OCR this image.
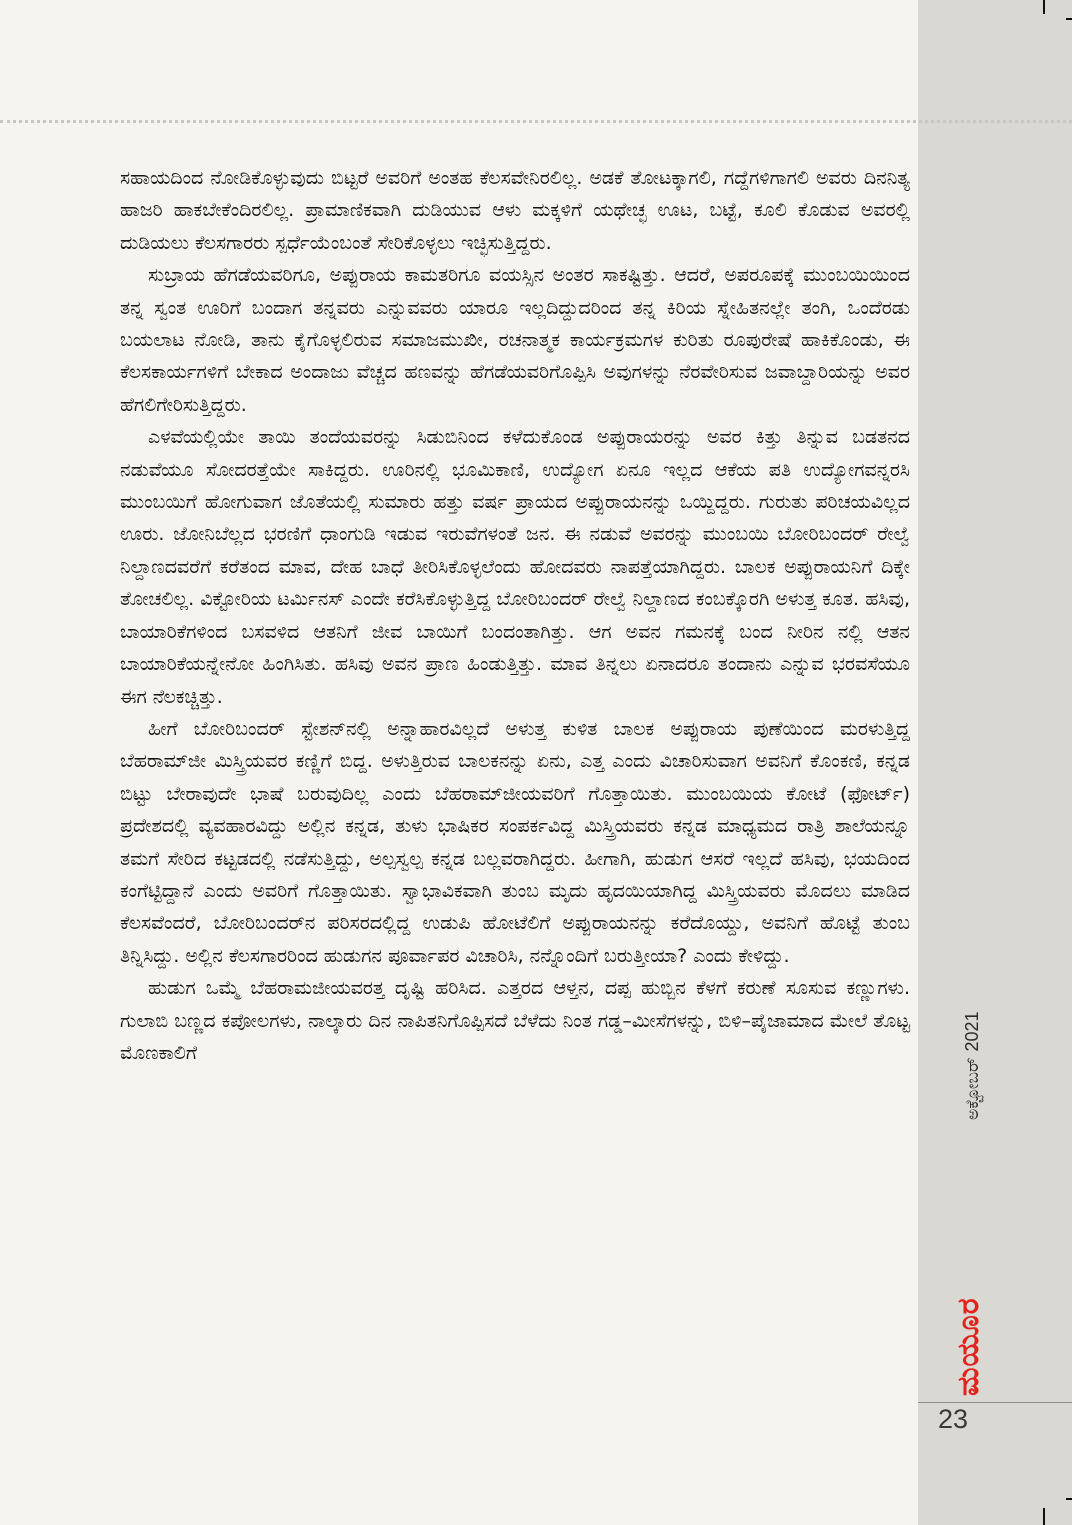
ಸಹಾಯದಿಂದ ನೋಡಿಕೊಳ್ಳುವುದು ಬಿಟ್ಟರೆ ಅವರಿಗೆ ಅಂತಹ ಕೆಲಸವೇನಿರಲಿಲ್ಲ. ಅಡಕೆ ತೋಟಕ್ಕಾಗಲಿ, ಗದ್ದೆಗಳಿಗಾಗಲಿ ಅವರು ದಿನನಿತ್ಯ ಹಾಜರಿ ಹಾಕಬೇಕೆಂದಿರಲಿಲ್ಲ. ಪ್ರಾಮಾಣಿಕವಾಗಿ ದುಡಿಯುವ ಆಳು ಮಕ್ಕಳಿಗೆ ಯಥೇಚ್ಛ ಊಟ, ಬಟ್ಟೆ, ಕೂಲಿ ಕೊಡುವ ಅವರಲ್ಲಿ ದುಡಿಯಲು ಕೆಲಸಗಾರರು ಸ್ಪರ್ಧೆಯೆಂಬಂತೆ ಸೇರಿಕೊಳ್ಳಲು ಇಚ್ಛಿಸುತ್ತಿದ್ದರು.

ಸುಬ್ರಾಯ ಹೆಗಡೆಯವರಿಗೂ, ಅಪ್ಪುರಾಯ ಕಾಮತರಿಗೂ ವಯಸ್ಸಿನ ಅಂತರ ಸಾಕಷ್ಟಿತ್ತು. ಆದರೆ, ಅಪರೂಪಕ್ಕೆ ಮುಂಬಯಿಯಿಂದ ತನ್ನ ಸ್ವಂತ ಊರಿಗೆ ಬಂದಾಗ ತನ್ನವರು ಎನ್ನುವವರು ಯಾರೂ ಇಲ್ಲದಿದ್ದುದರಿಂದ ತನ್ನ ಕಿರಿಯ ಸ್ನೇಹಿತನಲ್ಲೇ ತಂಗಿ, ಒಂದೆರಡು ಬಯಲಾಟ ನೋಡಿ, ತಾನು ಕೈಗೊಳ್ಳಲಿರುವ ಸಮಾಜಮುಖೀ, ರಚನಾತ್ಮಕ ಕಾರ್ಯಕ್ರಮಗಳ ಕುರಿತು ರೂಪುರೇಷೆ ಹಾಕಿಕೊಂಡು, ಈ ಕೆಲಸಕಾರ್ಯಗಳಿಗೆ ಬೇಕಾದ ಅಂದಾಜು ವೆಚ್ಚದ ಹಣವನ್ನು ಹೆಗಡೆಯವರಿಗೊಪ್ಪಿಸಿ ಅವುಗಳನ್ನು ನೆರವೇರಿಸುವ ಜವಾಬ್ದಾರಿಯನ್ನು ಅವರ ಹೆಗಲಿಗೇರಿಸುತ್ತಿದ್ದರು.

ಎಳವೆಯಲ್ಲಿಯೇ ತಾಯಿ ತಂದೆಯವರನ್ನು ಸಿಡುಬಿನಿಂದ ಕಳೆದುಕೊಂಡ ಅಪ್ಪುರಾಯರನ್ನು ಅವರ ಕಿತ್ತು ತಿನ್ನುವ ಬಡತನದ ನಡುವೆಯೂ ಸೋದರತ್ತೆಯೇ ಸಾಕಿದ್ದರು. ಊರಿನಲ್ಲಿ ಭೂಮಿಕಾಣಿ, ಉದ್ಯೋಗ ಏನೂ ಇಲ್ಲದ ಆಕೆಯ ಪತಿ ಉದ್ಯೋಗವನ್ನರಸಿ ಮುಂಬಯಿಗೆ ಹೋಗುವಾಗ ಜೊತೆಯಲ್ಲಿ ಸುಮಾರು ಹತ್ತು ವರ್ಷ ಪ್ರಾಯದ ಅಪ್ಪುರಾಯನನ್ನು ಒಯ್ದಿದ್ದರು. ಗುರುತು ಪರಿಚಯವಿಲ್ಲದ ಊರು. ಜೋನಿಬೆಲ್ಲದ ಭರಣಿಗೆ ಧಾಂಗುಡಿ ಇಡುವ ಇರುವೆಗಳಂತೆ ಜನ. ಈ ನಡುವೆ ಅವರನ್ನು ಮುಂಬಯಿ ಬೋರಿಬಂದರ್ ರೇಲ್ವೆ ನಿಲ್ದಾಣದವರೆಗೆ ಕರೆತಂದ ಮಾವ, ದೇಹ ಬಾಧೆ ತೀರಿಸಿಕೊಳ್ಳಲೆಂದು ಹೋದವರು ನಾಪತ್ತೆಯಾಗಿದ್ದರು. ಬಾಲಕ ಅಪ್ಪುರಾಯನಿಗೆ ದಿಕ್ಕೇ ತೋಚಲಿಲ್ಲ. ವಿಕ್ಟೋರಿಯ ಟರ್ಮಿನಸ್ ಎಂದೇ ಕರೆಸಿಕೊಳ್ಳುತ್ತಿದ್ದ ಬೋರಿಬಂದರ್ ರೇಲ್ವೆ ನಿಲ್ದಾಣದ ಕಂಬಕ್ಕೊರಗಿ ಅಳುತ್ತ ಕೂತ. ಹಸಿವು, ಬಾಯಾರಿಕೆಗಳಿಂದ ಬಸವಳಿದ ಆತನಿಗೆ ಜೀವ ಬಾಯಿಗೆ ಬಂದಂತಾಗಿತ್ತು. ಆಗ ಅವನ ಗಮನಕ್ಕೆ ಬಂದ ನೀರಿನ ನಲ್ಲಿ ಆತನ ಬಾಯಾರಿಕೆಯನ್ನೇನೋ ಹಿಂಗಿಸಿತು. ಹಸಿವು ಅವನ ಪ್ರಾಣ ಹಿಂಡುತ್ತಿತ್ತು. ಮಾವ ತಿನ್ನಲು ಏನಾದರೂ ತಂದಾನು ಎನ್ನುವ ಭರವಸೆಯೂ ಈಗ ನೆಲಕಚ್ಚಿತ್ತು.

ಹೀಗೆ ಬೋರಿಬಂದರ್ ಸ್ಟೇಶನ್‌ನಲ್ಲಿ ಅನ್ನಾಹಾರವಿಲ್ಲದೆ ಅಳುತ್ತ ಕುಳಿತ ಬಾಲಕ ಅಪ್ಪುರಾಯ ಪುಣೆಯಿಂದ ಮರಳುತ್ತಿದ್ದ ಬೆಹರಾಮ್‌ಜೀ ಮಿಸ್ತ್ರಿಯವರ ಕಣ್ಣಿಗೆ ಬಿದ್ದ. ಅಳುತ್ತಿರುವ ಬಾಲಕನನ್ನು ಏನು, ಎತ್ತ ಎಂದು ವಿಚಾರಿಸುವಾಗ ಅವನಿಗೆ ಕೊಂಕಣಿ, ಕನ್ನಡ ಬಿಟ್ಟು ಬೇರಾವುದೇ ಭಾಷೆ ಬರುವುದಿಲ್ಲ ಎಂದು ಬೆಹರಾಮ್‌ಜೀಯವರಿಗೆ ಗೊತ್ತಾಯಿತು. ಮುಂಬಯಿಯ ಕೋಟೆ (ಫೋರ್ಟ್) ಪ್ರದೇಶದಲ್ಲಿ ವ್ಯವಹಾರವಿದ್ದು ಅಲ್ಲಿನ ಕನ್ನಡ, ತುಳು ಭಾಷಿಕರ ಸಂಪರ್ಕವಿದ್ದ ಮಿಸ್ತ್ರಿಯವರು ಕನ್ನಡ ಮಾಧ್ಯಮದ ರಾತ್ರಿ ಶಾಲೆಯನ್ನೂ ತಮಗೆ ಸೇರಿದ ಕಟ್ಟಡದಲ್ಲಿ ನಡೆಸುತ್ತಿದ್ದು, ಅಲ್ಪಸ್ವಲ್ಪ ಕನ್ನಡ ಬಲ್ಲವರಾಗಿದ್ದರು. ಹೀಗಾಗಿ, ಹುಡುಗ ಆಸರೆ ಇಲ್ಲದೆ ಹಸಿವು, ಭಯದಿಂದ ಕಂಗೆಟ್ಟಿದ್ದಾನೆ ಎಂದು ಅವರಿಗೆ ಗೊತ್ತಾಯಿತು. ಸ್ವಾಭಾವಿಕವಾಗಿ ತುಂಬ ಮೃದು ಹೃದಯಿಯಾಗಿದ್ದ ಮಿಸ್ತ್ರಿಯವರು ಮೊದಲು ಮಾಡಿದ ಕೆಲಸವೆಂದರೆ, ಬೋರಿಬಂದರ್‌ನ ಪರಿಸರದಲ್ಲಿದ್ದ ಉಡುಪಿ ಹೋಟೆಲಿಗೆ ಅಪ್ಪುರಾಯನನ್ನು ಕರೆದೊಯ್ದು, ಅವನಿಗೆ ಹೊಟ್ಟೆ ತುಂಬ ತಿನ್ನಿಸಿದ್ದು. ಅಲ್ಲಿನ ಕೆಲಸಗಾರರಿಂದ ಹುಡುಗನ ಪೂರ್ವಾಪರ ವಿಚಾರಿಸಿ, ನನ್ನೊಂದಿಗೆ ಬರುತ್ತೀಯಾ? ಎಂದು ಕೇಳಿದ್ದು.

ಹುಡುಗ ಒಮ್ಮೆ ಬೆಹರಾಮಜೀಯವರತ್ತ ದೃಷ್ಟಿ ಹರಿಸಿದ. ಎತ್ತರದ ಆಳ್ತನ, ದಪ್ಪ ಹುಬ್ಬಿನ ಕೆಳಗೆ ಕರುಣೆ ಸೂಸುವ ಕಣ್ಣುಗಳು. ಗುಲಾಬಿ ಬಣ್ಣದ ಕಪೋಲಗಳು, ನಾಲ್ಕಾರು ದಿನ ನಾಪಿತನಿಗೊಪ್ಪಿಸದೆ ಬೆಳೆದು ನಿಂತ ಗಡ್ಡ–ಮೀಸೆಗಳನ್ನು, ಬಿಳಿ–ಪೈಜಾಮಾದ ಮೇಲೆ ತೊಟ್ಟ ಮೊಣಕಾಲಿಗೆ

ಅಕ್ಟೋಬರ್2021
ಮಯೂರ
23
